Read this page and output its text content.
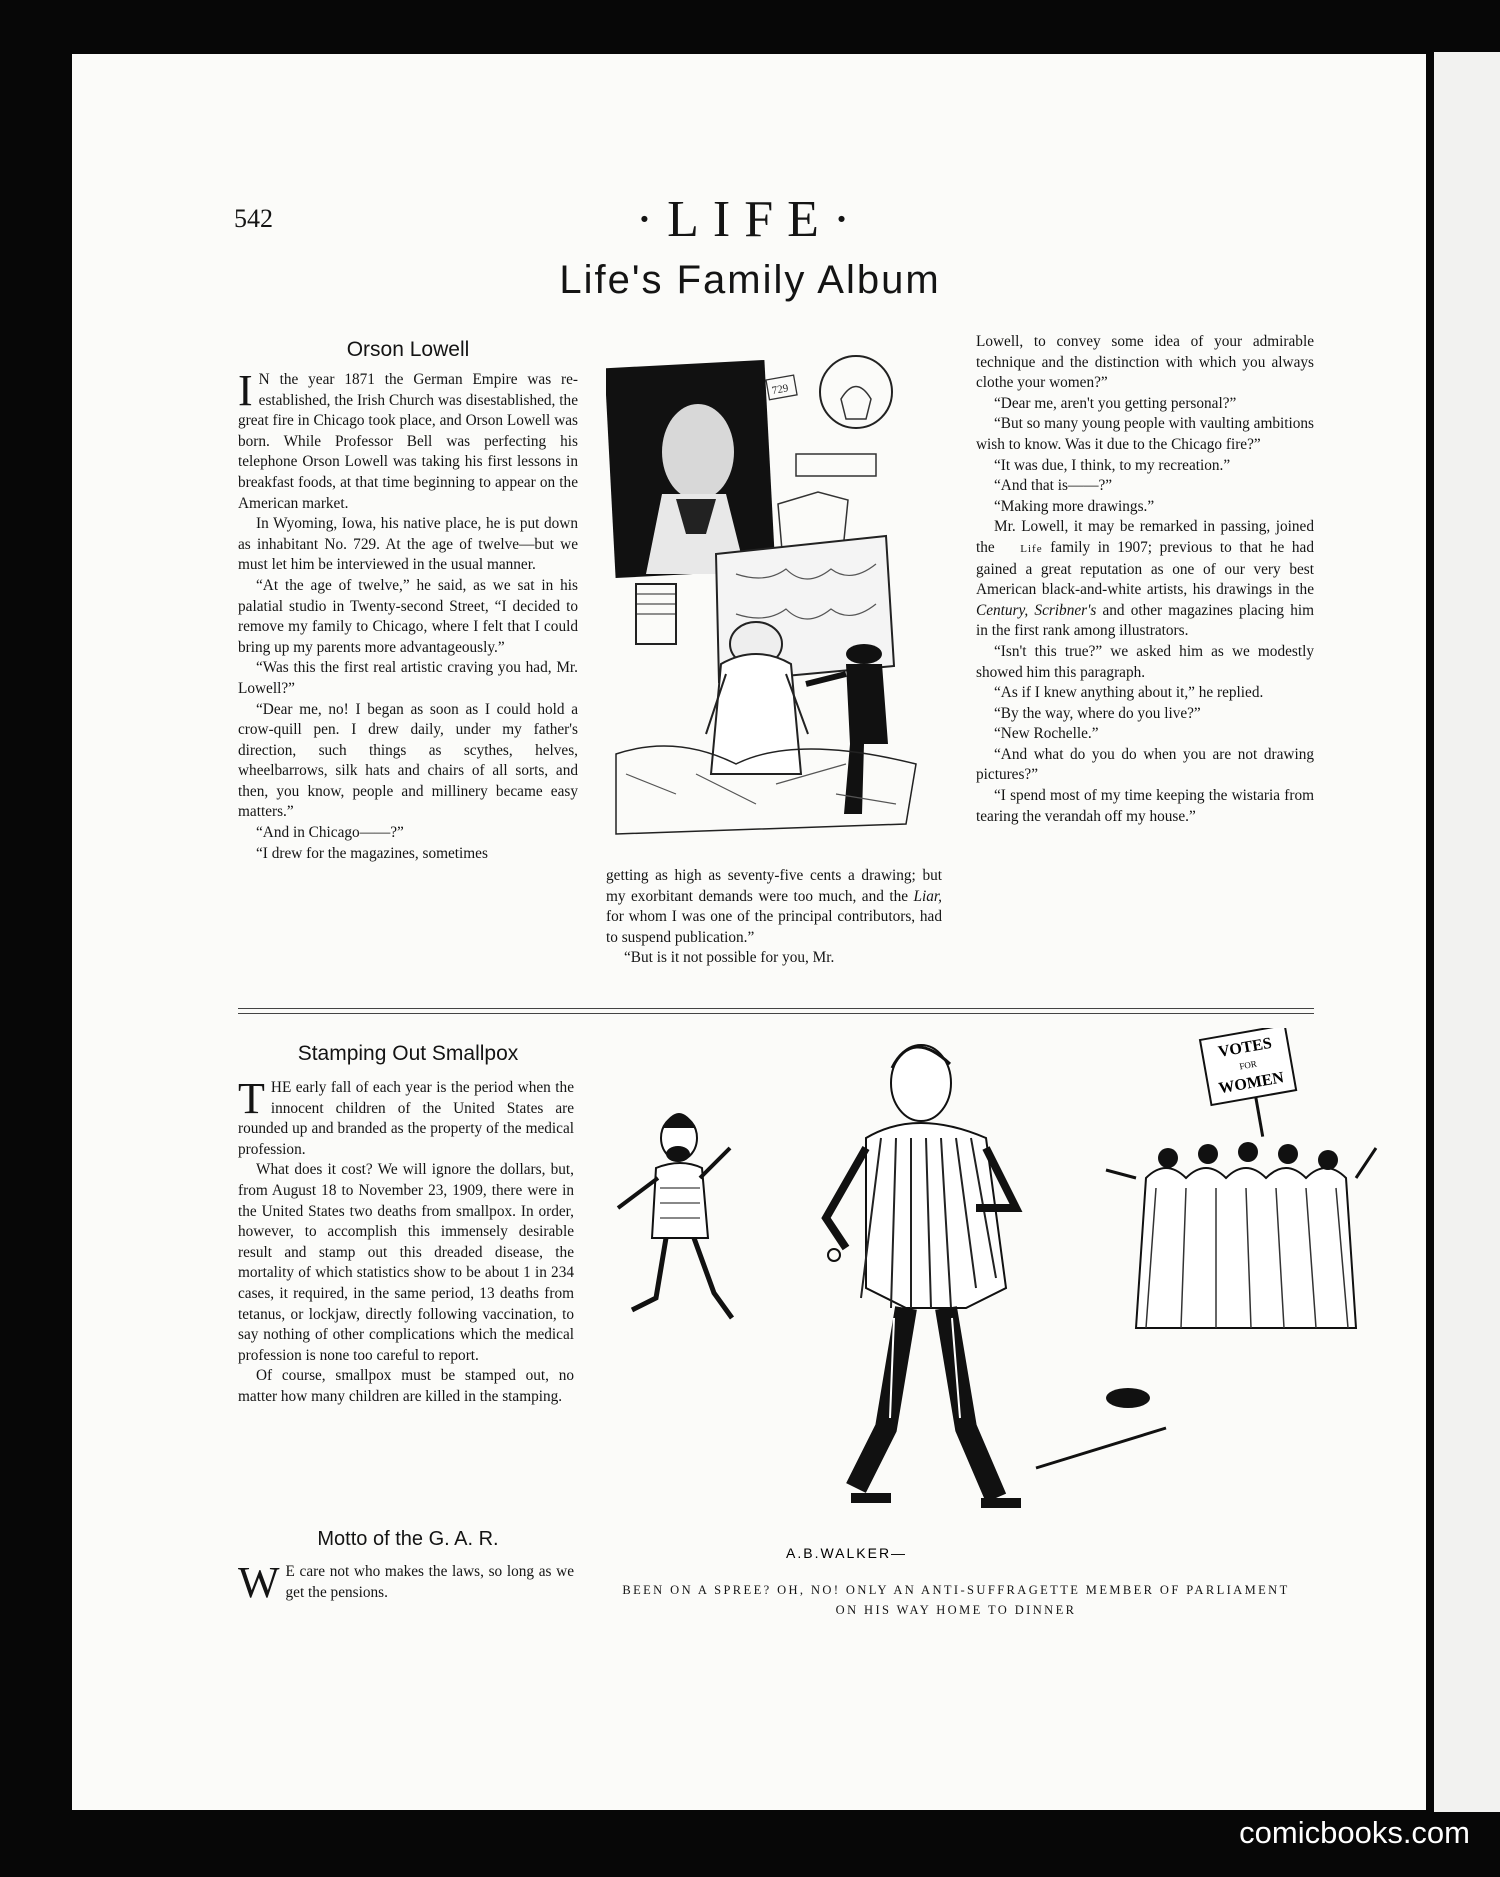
542	·LIFE·
Life's Family Album
Orson Lowell

I N the year 1871 the German Empire was re-established, the Irish Church was disestablished, the great fire in Chicago took place, and Orson Lowell was born. While Professor Bell was perfecting his telephone Orson Lowell was taking his first lessons in breakfast foods, at that time beginning to appear on the American market.

In Wyoming, Iowa, his native place, he is put down as inhabitant No. 729. At the age of twelve—but we must let him be interviewed in the usual manner.

“At the age of twelve,” he said, as we sat in his palatial studio in Twenty-second Street, “I decided to remove my family to Chicago, where I felt that I could bring up my parents more advantageously.”

“Was this the first real artistic craving you had, Mr. Lowell?”

“Dear me, no! I began as soon as I could hold a crow-quill pen. I drew daily, under my father's direction, such things as scythes, helves, wheelbarrows, silk hats and chairs of all sorts, and then, you know, people and millinery became easy matters.”

“And in Chicago——?”

“I drew for the magazines, sometimes

729

getting as high as seventy-five cents a drawing; but my exorbitant demands were too much, and the Liar, for whom I was one of the principal contributors, had to suspend publication.”

“But is it not possible for you, Mr.

Lowell, to convey some idea of your admirable technique and the distinction with which you always clothe your women?”

“Dear me, aren't you getting personal?”

“But so many young people with vaulting ambitions wish to know. Was it due to the Chicago fire?”

“It was due, I think, to my recreation.”

“And that is——?”

“Making more drawings.”

Mr. Lowell, it may be remarked in passing, joined the Life family in 1907; previous to that he had gained a great reputation as one of our very best American black-and-white artists, his drawings in the Century, Scribner's and other magazines placing him in the first rank among illustrators.

“Isn't this true?” we asked him as we modestly showed him this paragraph.

“As if I knew anything about it,” he replied.

“By the way, where do you live?”

“New Rochelle.”

“And what do you do when you are not drawing pictures?”

“I spend most of my time keeping the wistaria from tearing the verandah off my house.”

Stamping Out Smallpox

THE early fall of each year is the period when the innocent children of the United States are rounded up and branded as the property of the medical profession.

What does it cost? We will ignore the dollars, but, from August 18 to November 23, 1909, there were in the United States two deaths from smallpox. In order, however, to accomplish this immensely desirable result and stamp out this dreaded disease, the mortality of which statistics show to be about 1 in 234 cases, it required, in the same period, 13 deaths from tetanus, or lockjaw, directly following vaccination, to say nothing of other complications which the medical profession is none too careful to report.

Of course, smallpox must be stamped out, no matter how many children are killed in the stamping.

Motto of the G. A. R.

W E care not who makes the laws, so long as we get the pensions.

VOTES
FOR
WOMEN
A.B.WALKER—
BEEN ON A SPREE? OH, NO! ONLY AN ANTI-SUFFRAGETTE MEMBER OF PARLIAMENT
ON HIS WAY HOME TO DINNER
comicbooks.com
